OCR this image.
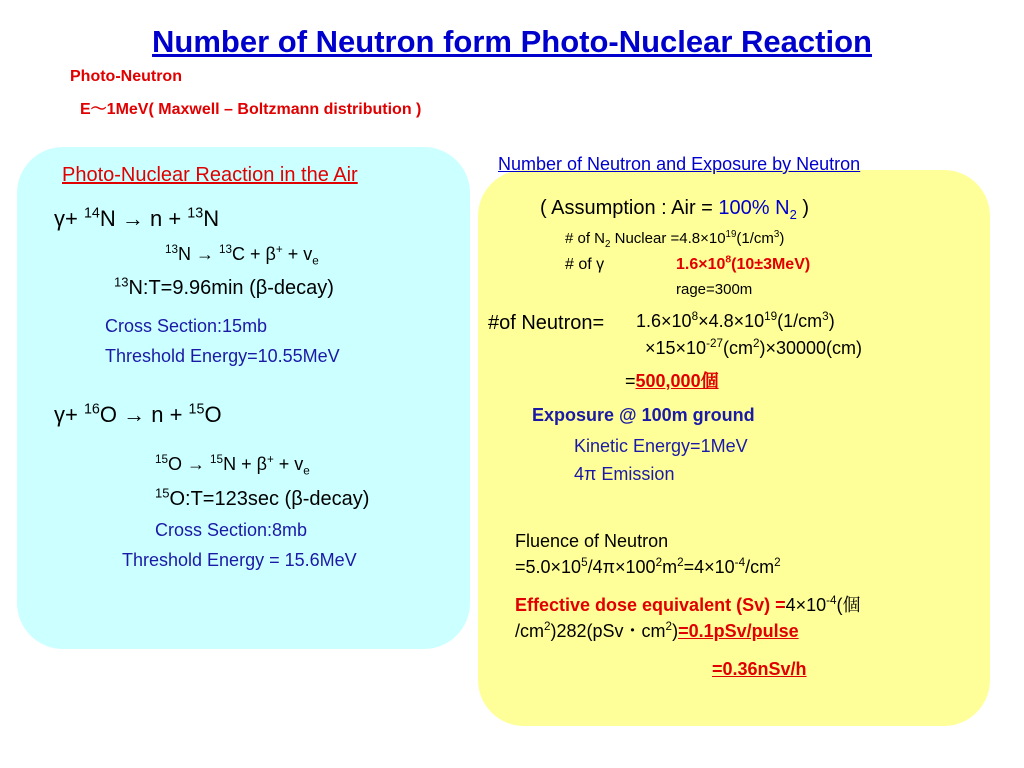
Number of Neutron form Photo-Nuclear Reaction
Photo-Neutron
E～1MeV( Maxwell – Boltzmann distribution )
Photo-Nuclear Reaction in the Air
γ+ $^{14}$N → n + $^{13}$N
$^{13}N \to ^{13}C + \beta^+ + v_e$
$^{13}$N:T=9.96min (β-decay)
Cross Section:15mb
Threshold Energy=10.55MeV
γ+ $^{16}$O → n + $^{15}$O
$^{15}O \to ^{15}N + \beta^+ + v_e$
$^{15}$O:T=123sec (β-decay)
Cross Section:8mb
Threshold Energy = 15.6MeV
Number of Neutron and Exposure by Neutron
( Assumption : Air = 100% $N_2$ )
# of $N_2$ Nuclear $=4.8\times 10^{19}(1/cm^3)$
# of γ	$1.6\times 10^8(10\pm 3MeV)$
rage=300m
#of Neutron= $1.6\times 10^8\times 4.8\times 10^{19}(1/cm^3)$
$\times 15\times 10^{-27}(cm^2)\times 30000(cm)$
=500,000個
Exposure @ 100m ground
Kinetic Energy=1MeV
4π Emission
Fluence of Neutron
$=5.0\times 10^5/4\pi\times 100^2m^2=4\times 10^{-4}/cm^2$
Effective dose equivalent $(Sv) =4\times 10^{-4}$(個
$/cm^2)282(pSv$・$cm^2)=0.1pSv$/pulse
=0.36nSv/h
